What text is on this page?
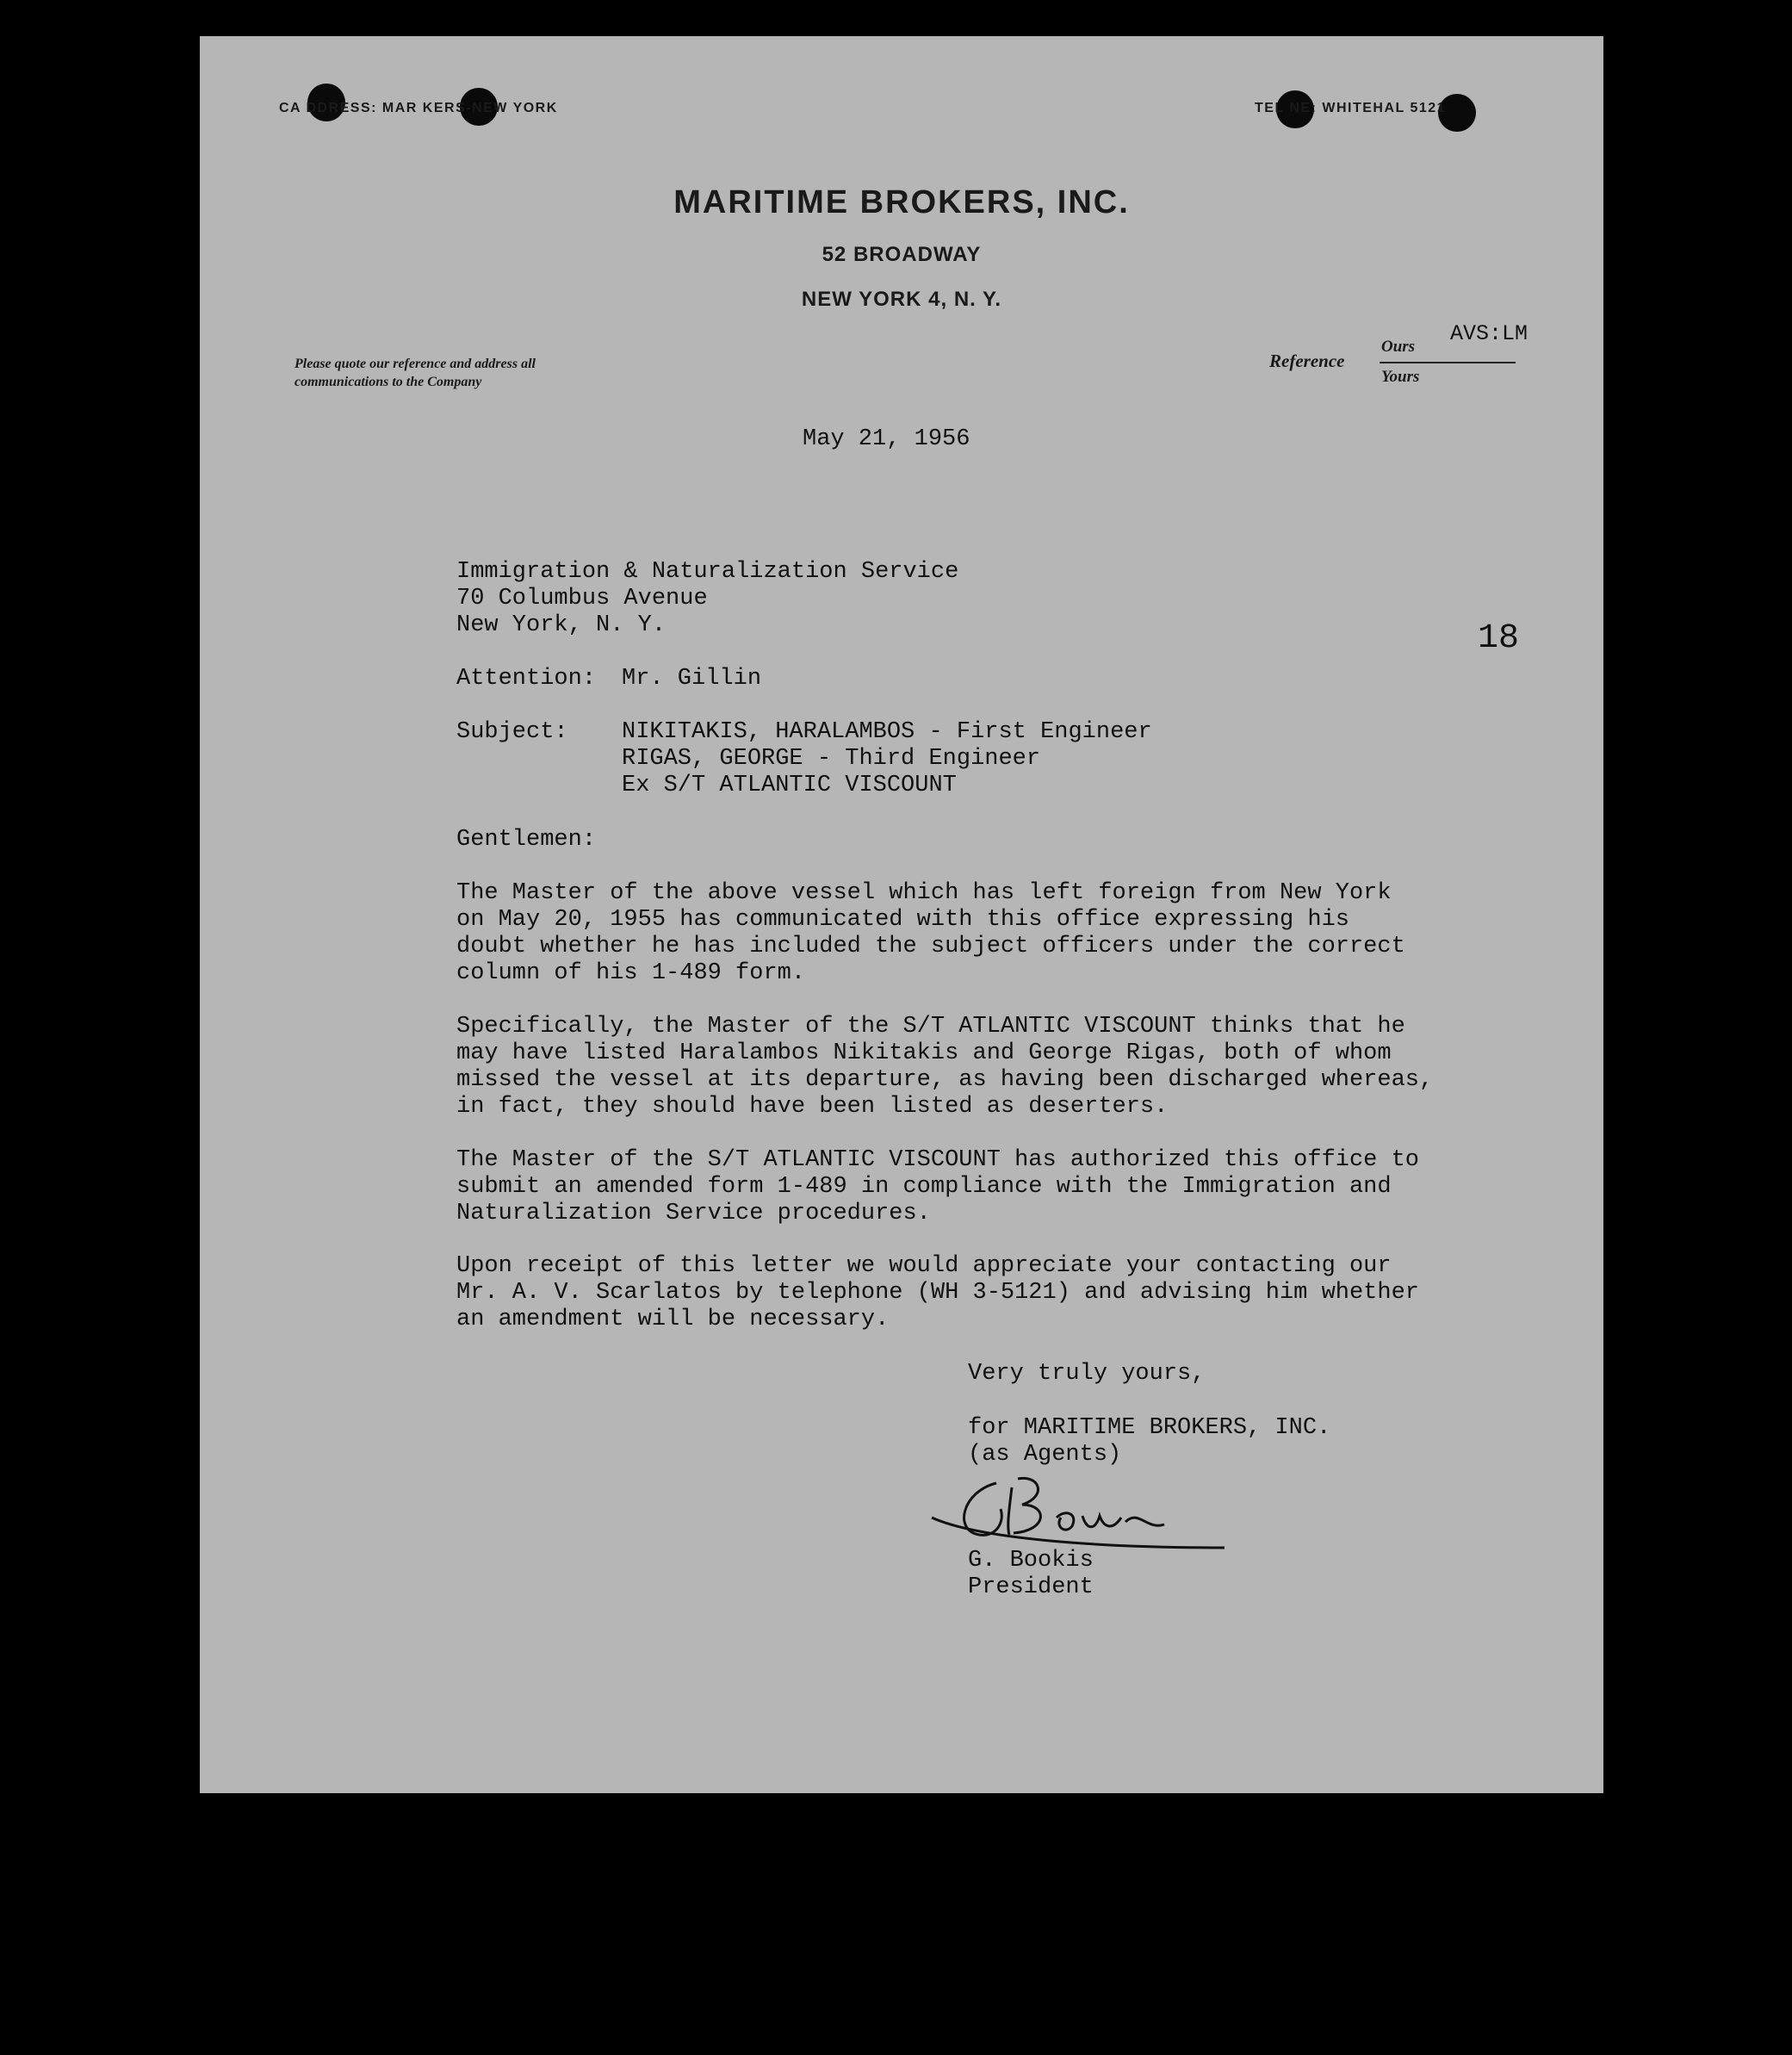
CA DDRESS: MAR KERS-NEW YORK	TEL NE: WHITEHAL 5121
MARITIME BROKERS, INC.
52 BROADWAY
NEW YORK 4, N. Y.
Please quote our reference and address all communications to the Company
Reference
Ours
Yours
AVS:LM
May 21, 1956
Immigration & Naturalization Service
70 Columbus Avenue
New York, N. Y.	18
Attention: Mr. Gillin
Subject: NIKITAKIS, HARALAMBOS - First Engineer
RIGAS, GEORGE - Third Engineer
Ex S/T ATLANTIC VISCOUNT
Gentlemen:
The Master of the above vessel which has left foreign from New York
on May 20, 1955 has communicated with this office expressing his
doubt whether he has included the subject officers under the correct
column of his 1-489 form.
Specifically, the Master of the S/T ATLANTIC VISCOUNT thinks that he
may have listed Haralambos Nikitakis and George Rigas, both of whom
missed the vessel at its departure, as having been discharged whereas,
in fact, they should have been listed as deserters.
The Master of the S/T ATLANTIC VISCOUNT has authorized this office to
submit an amended form 1-489 in compliance with the Immigration and
Naturalization Service procedures.
Upon receipt of this letter we would appreciate your contacting our
Mr. A. V. Scarlatos by telephone (WH 3-5121) and advising him whether
an amendment will be necessary.
Very truly yours,
for MARITIME BROKERS, INC.
(as Agents)
G. Bookis
President
